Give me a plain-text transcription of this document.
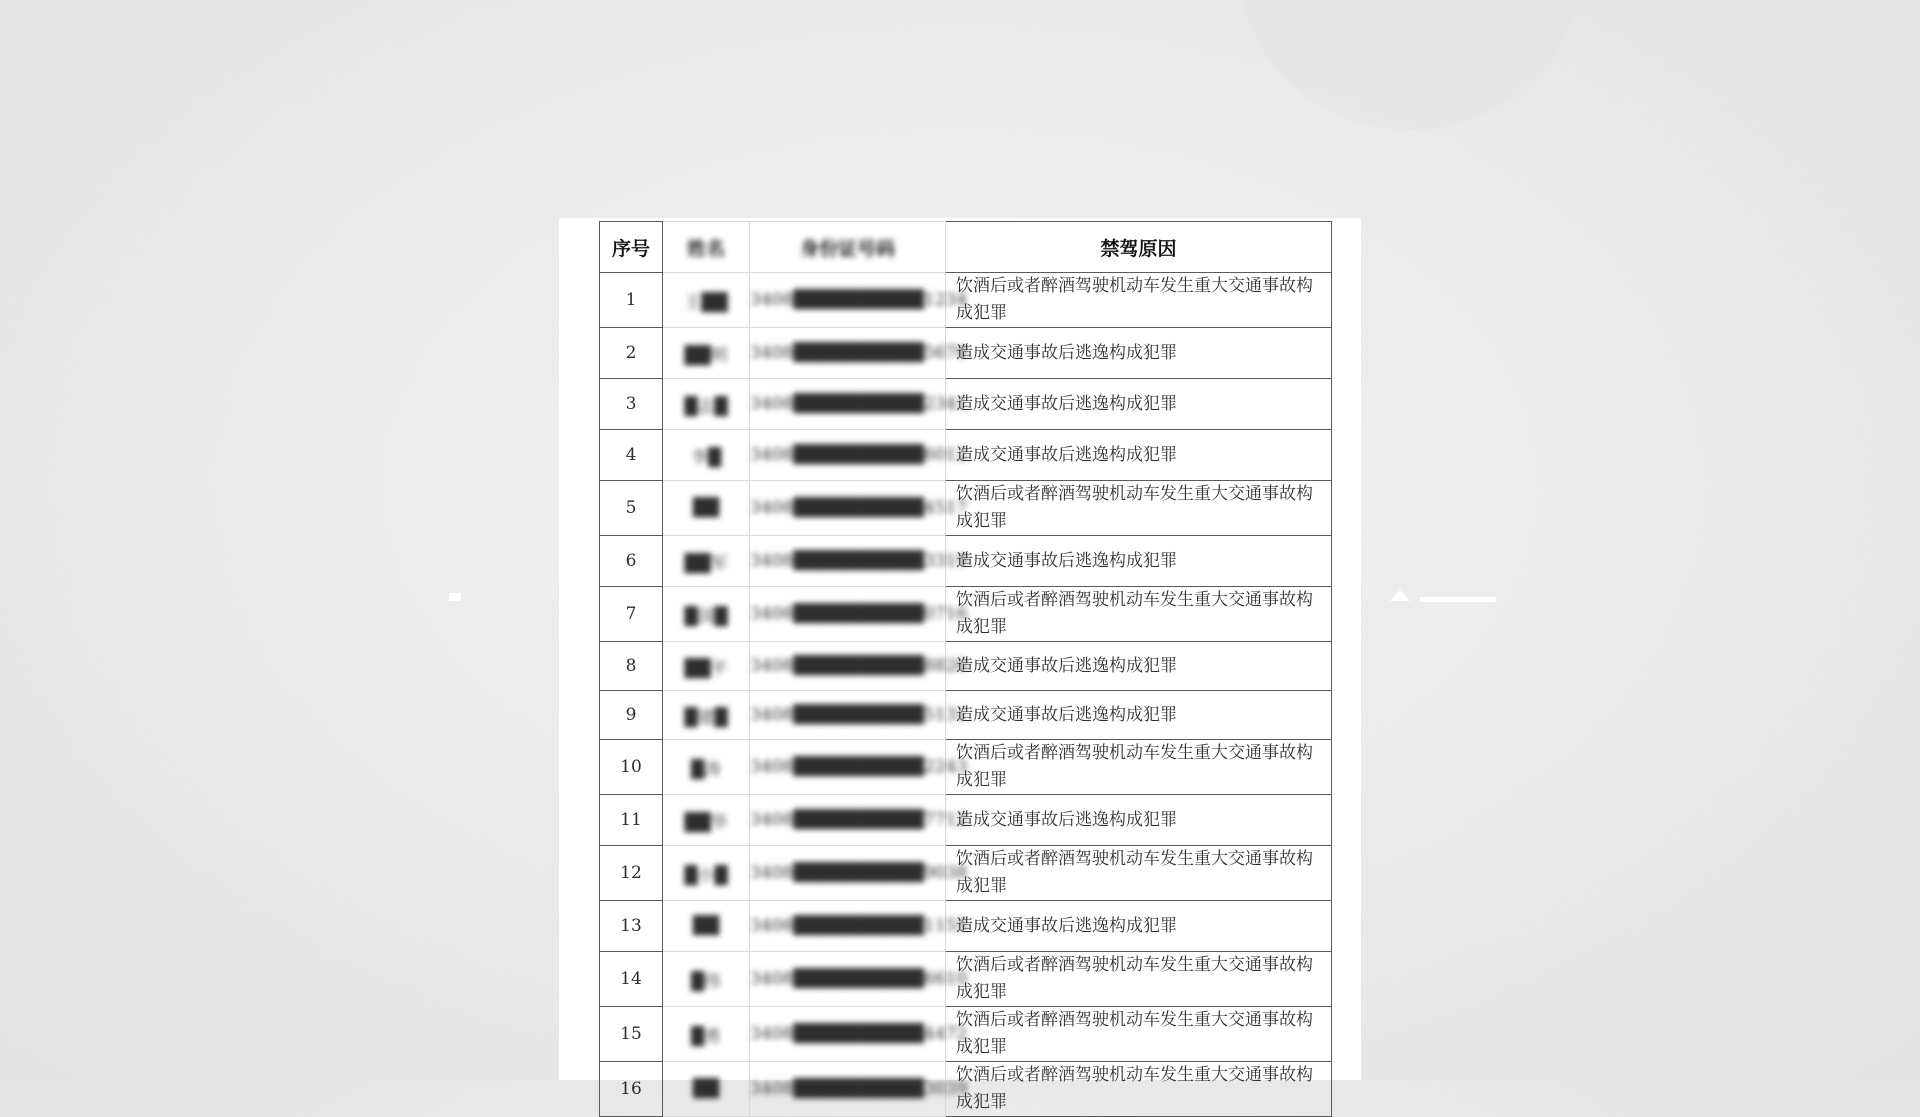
序号	姓名	身份证号码	禁驾原因
1	王██	3408██████████1234	饮酒后或者醉酒驾驶机动车发生重大交通事故构成犯罪

2	██明	3408██████████5678	造成交通事故后逃逸构成犯罪

3	█志█	3408██████████2341	造成交通事故后逃逸构成犯罪

4	李█	3408██████████6012	造成交通事故后逃逸构成犯罪

5	██	3408██████████4517	饮酒后或者醉酒驾驶机动车发生重大交通事故构成犯罪

6	██军	3408██████████3319	造成交通事故后逃逸构成犯罪

7	█国█	3408██████████0716	饮酒后或者醉酒驾驶机动车发生重大交通事故构成犯罪

8	██平	3408██████████8820	造成交通事故后逃逸构成犯罪

9	█建█	3408██████████5131	造成交通事故后逃逸构成犯罪

10	█涛	3408██████████2243	饮酒后或者醉酒驾驶机动车发生重大交通事故构成犯罪

11	██华	3408██████████7712	造成交通事故后逃逸构成犯罪

12	█小█	3408██████████9038	饮酒后或者醉酒驾驶机动车发生重大交通事故构成犯罪

13	██	3408██████████1155	造成交通事故后逃逸构成犯罪

14	█伟	3408██████████6610	饮酒后或者醉酒驾驶机动车发生重大交通事故构成犯罪

15	█勇	3408██████████4472	饮酒后或者醉酒驾驶机动车发生重大交通事故构成犯罪

16	██	3408██████████3039	饮酒后或者醉酒驾驶机动车发生重大交通事故构成犯罪
